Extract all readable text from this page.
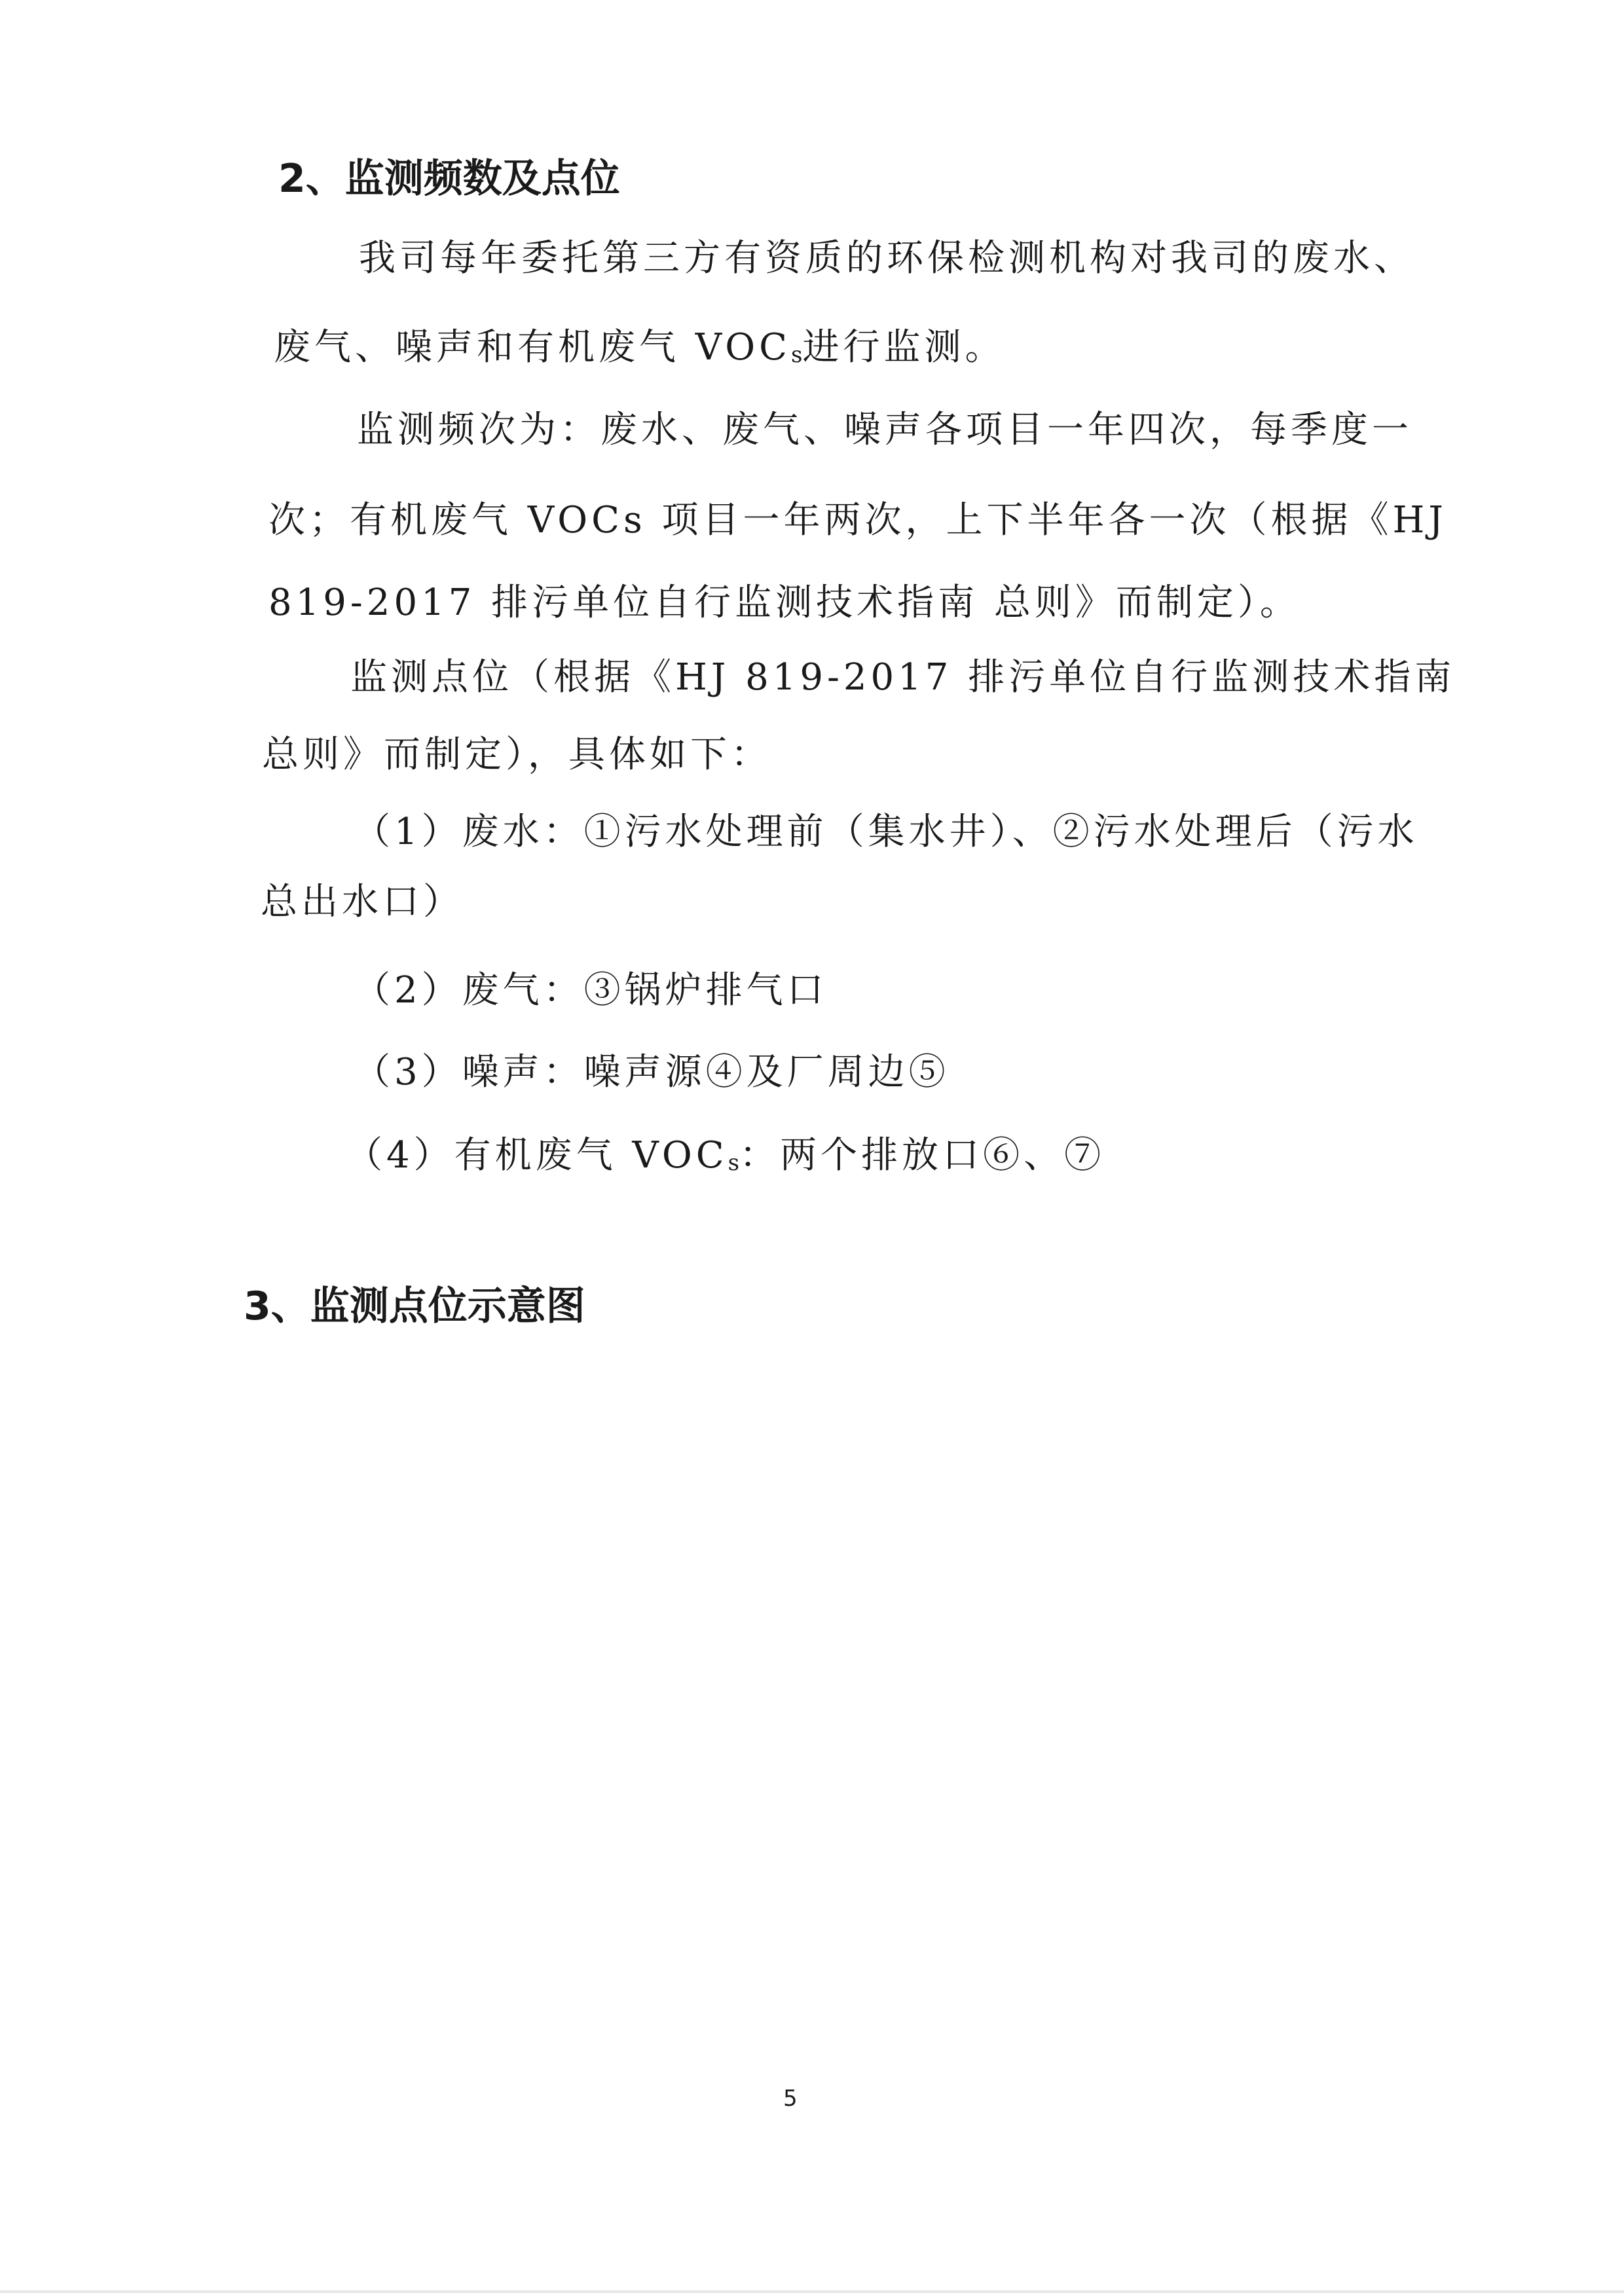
2、监测频数及点位
我司每年委托第三方有资质的环保检测机构对我司的废水、
废气、噪声和有机废气 $VOC_s$进行监测。
监测频次为：废水、废气、噪声各项目一年四次，每季度一
次；有机废气 VOCs 项目一年两次，上下半年各一次（根据《HJ
819-2017 排污单位自行监测技术指南 总则》而制定）。
监测点位（根据《HJ 819-2017 排污单位自行监测技术指南
总则》而制定），具体如下：
（1）废水：①污水处理前（集水井）、②污水处理后（污水
总出水口）
（2）废气：③锅炉排气口
（3）噪声：噪声源④及厂周边⑤
（4）有机废气 $VOC_s$：两个排放口⑥、⑦
3、监测点位示意图
5
